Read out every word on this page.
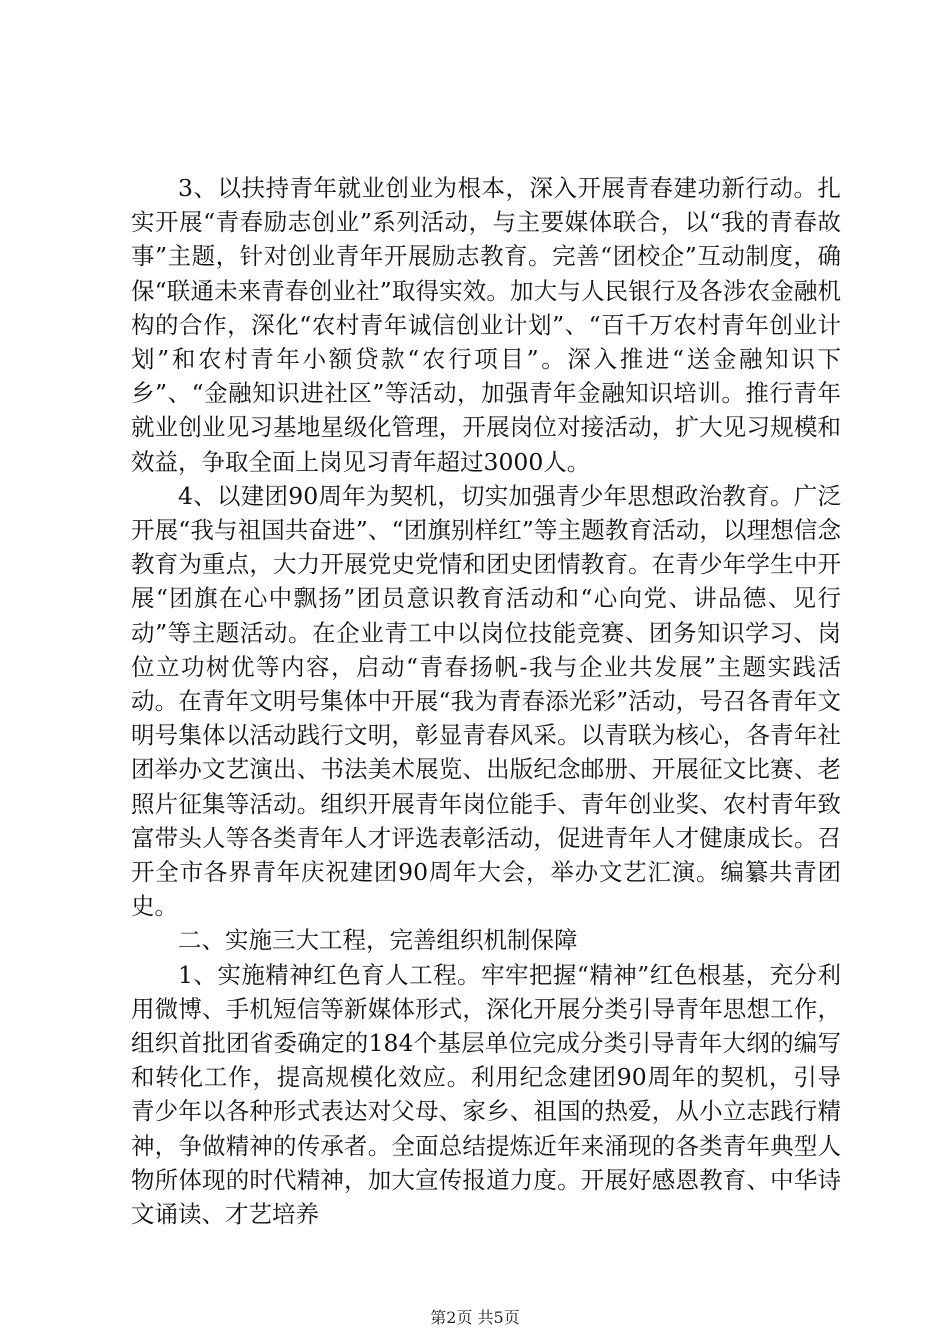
3、以扶持青年就业创业为根本，深入开展青春建功新行动。扎实开展“青春励志创业”系列活动，与主要媒体联合，以“我的青春故事”主题，针对创业青年开展励志教育。完善“团校企”互动制度，确保“联通未来青春创业社”取得实效。加大与人民银行及各涉农金融机构的合作，深化“农村青年诚信创业计划”、“百千万农村青年创业计划”和农村青年小额贷款“农行项目”。深入推进“送金融知识下乡”、“金融知识进社区”等活动，加强青年金融知识培训。推行青年就业创业见习基地星级化管理，开展岗位对接活动，扩大见习规模和效益，争取全面上岗见习青年超过3000人。

4、以建团90周年为契机，切实加强青少年思想政治教育。广泛开展“我与祖国共奋进”、“团旗别样红”等主题教育活动，以理想信念教育为重点，大力开展党史党情和团史团情教育。在青少年学生中开展“团旗在心中飘扬”团员意识教育活动和“心向党、讲品德、见行动”等主题活动。在企业青工中以岗位技能竞赛、团务知识学习、岗位立功树优等内容，启动“青春扬帆-我与企业共发展”主题实践活动。在青年文明号集体中开展“我为青春添光彩”活动，号召各青年文明号集体以活动践行文明，彰显青春风采。以青联为核心，各青年社团举办文艺演出、书法美术展览、出版纪念邮册、开展征文比赛、老照片征集等活动。组织开展青年岗位能手、青年创业奖、农村青年致富带头人等各类青年人才评选表彰活动，促进青年人才健康成长。召开全市各界青年庆祝建团90周年大会，举办文艺汇演。编纂共青团史。

二、实施三大工程，完善组织机制保障

1、实施精神红色育人工程。牢牢把握“精神”红色根基，充分利用微博、手机短信等新媒体形式，深化开展分类引导青年思想工作，组织首批团省委确定的184个基层单位完成分类引导青年大纲的编写和转化工作，提高规模化效应。利用纪念建团90周年的契机，引导青少年以各种形式表达对父母、家乡、祖国的热爱，从小立志践行精神，争做精神的传承者。全面总结提炼近年来涌现的各类青年典型人物所体现的时代精神，加大宣传报道力度。开展好感恩教育、中华诗文诵读、才艺培养

第2页 共5页
